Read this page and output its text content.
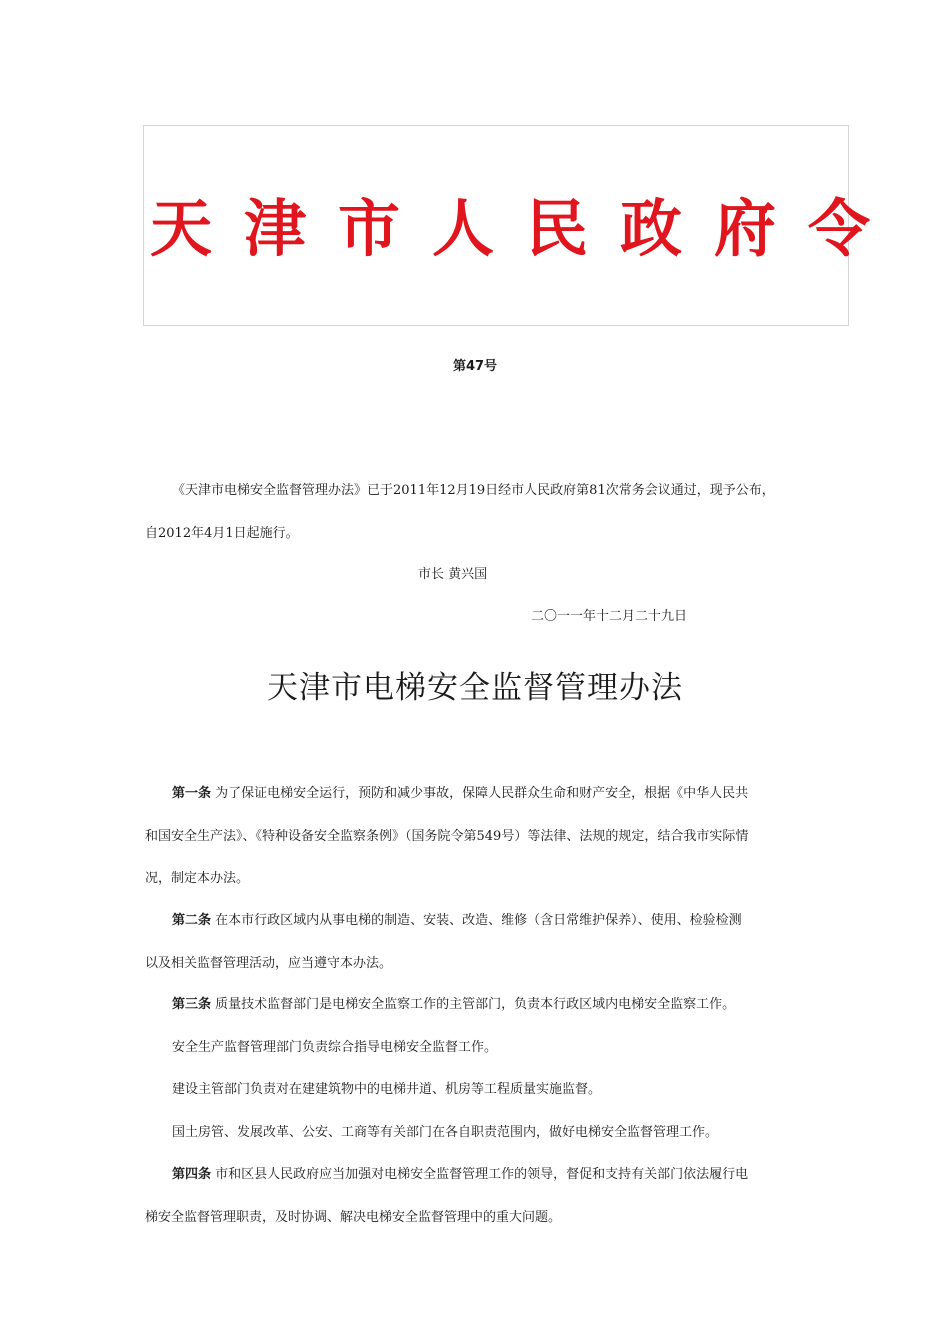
天津市人民政府令
第47号
《天津市电梯安全监督管理办法》已于2011年12月19日经市人民政府第81次常务会议通过，现予公布，
自2012年4月1日起施行。
市长 黄兴国
二〇一一年十二月二十九日
天津市电梯安全监督管理办法
第一条 为了保证电梯安全运行，预防和减少事故，保障人民群众生命和财产安全，根据《中华人民共
和国安全生产法》、《特种设备安全监察条例》（国务院令第549号）等法律、法规的规定，结合我市实际情
况，制定本办法。
第二条 在本市行政区域内从事电梯的制造、安装、改造、维修（含日常维护保养）、使用、检验检测
以及相关监督管理活动，应当遵守本办法。
第三条 质量技术监督部门是电梯安全监察工作的主管部门，负责本行政区域内电梯安全监察工作。
安全生产监督管理部门负责综合指导电梯安全监督工作。
建设主管部门负责对在建建筑物中的电梯井道、机房等工程质量实施监督。
国土房管、发展改革、公安、工商等有关部门在各自职责范围内，做好电梯安全监督管理工作。
第四条 市和区县人民政府应当加强对电梯安全监督管理工作的领导，督促和支持有关部门依法履行电
梯安全监督管理职责，及时协调、解决电梯安全监督管理中的重大问题。
